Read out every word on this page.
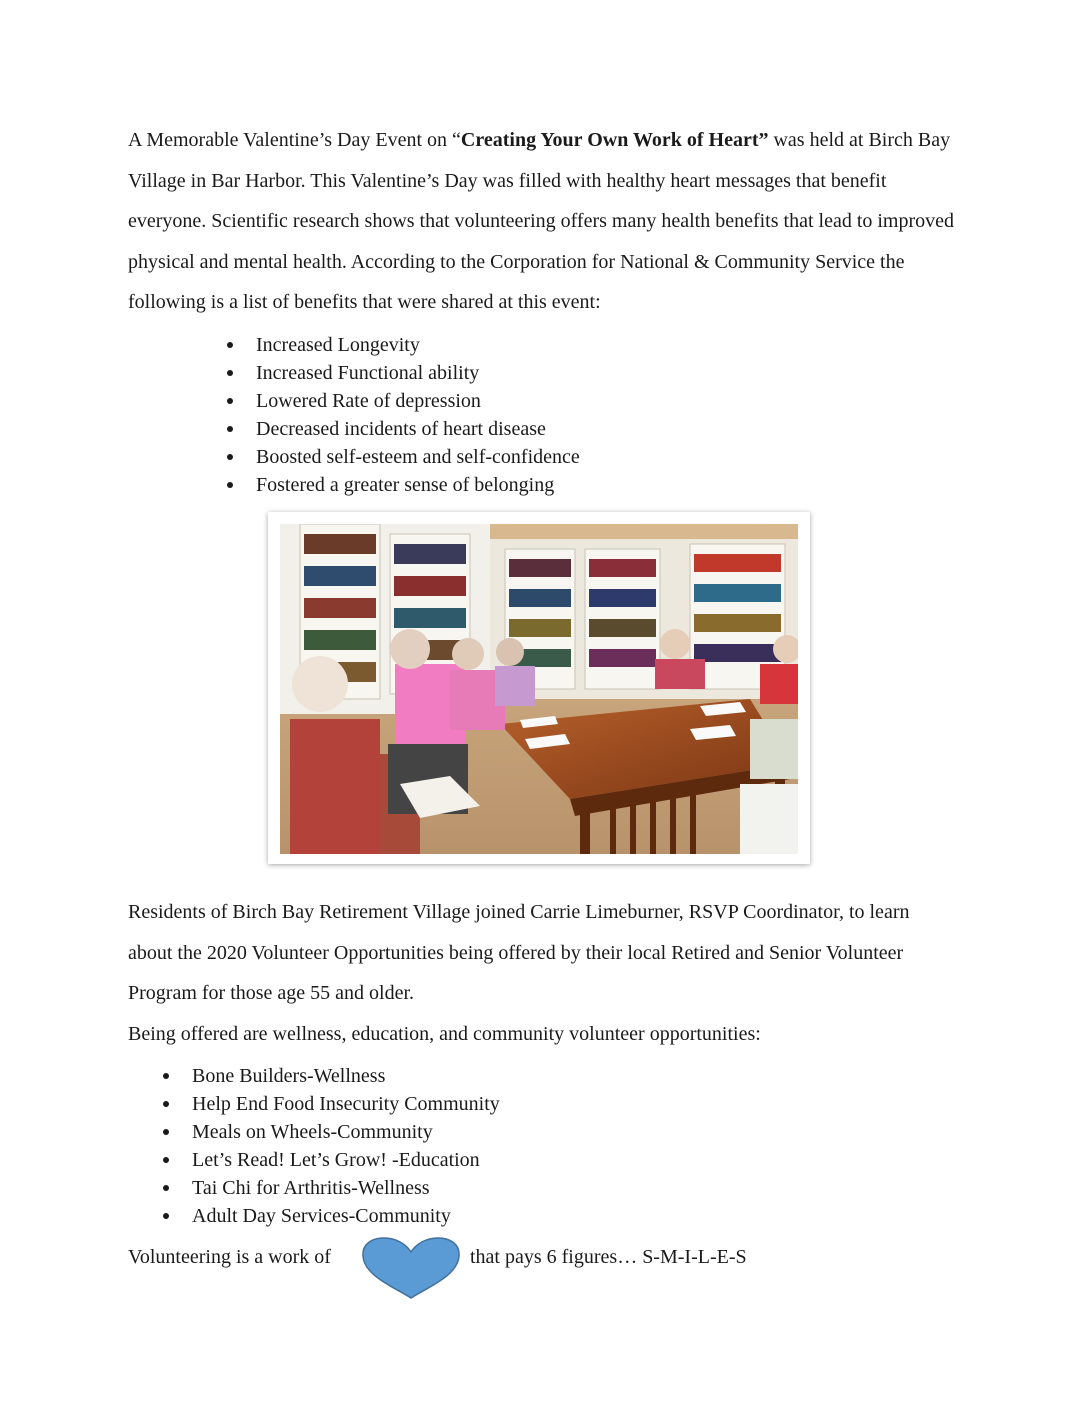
A Memorable Valentine’s Day Event on “Creating Your Own Work of Heart” was held at Birch Bay Village in Bar Harbor. This Valentine’s Day was filled with healthy heart messages that benefit everyone. Scientific research shows that volunteering offers many health benefits that lead to improved physical and mental health. According to the Corporation for National & Community Service the following is a list of benefits that were shared at this event:

Increased Longevity
Increased Functional ability
Lowered Rate of depression
Decreased incidents of heart disease
Boosted self-esteem and self-confidence
Fostered a greater sense of belonging

Residents of Birch Bay Retirement Village joined Carrie Limeburner, RSVP Coordinator, to learn about the 2020 Volunteer Opportunities being offered by their local Retired and Senior Volunteer Program for those age 55 and older.

Being offered are wellness, education, and community volunteer opportunities:

Bone Builders-Wellness
Help End Food Insecurity Community
Meals on Wheels-Community
Let’s Read! Let’s Grow! -Education
Tai Chi for Arthritis-Wellness
Adult Day Services-Community
Volunteering is a work of	that pays 6 figures… S-M-I-L-E-S
